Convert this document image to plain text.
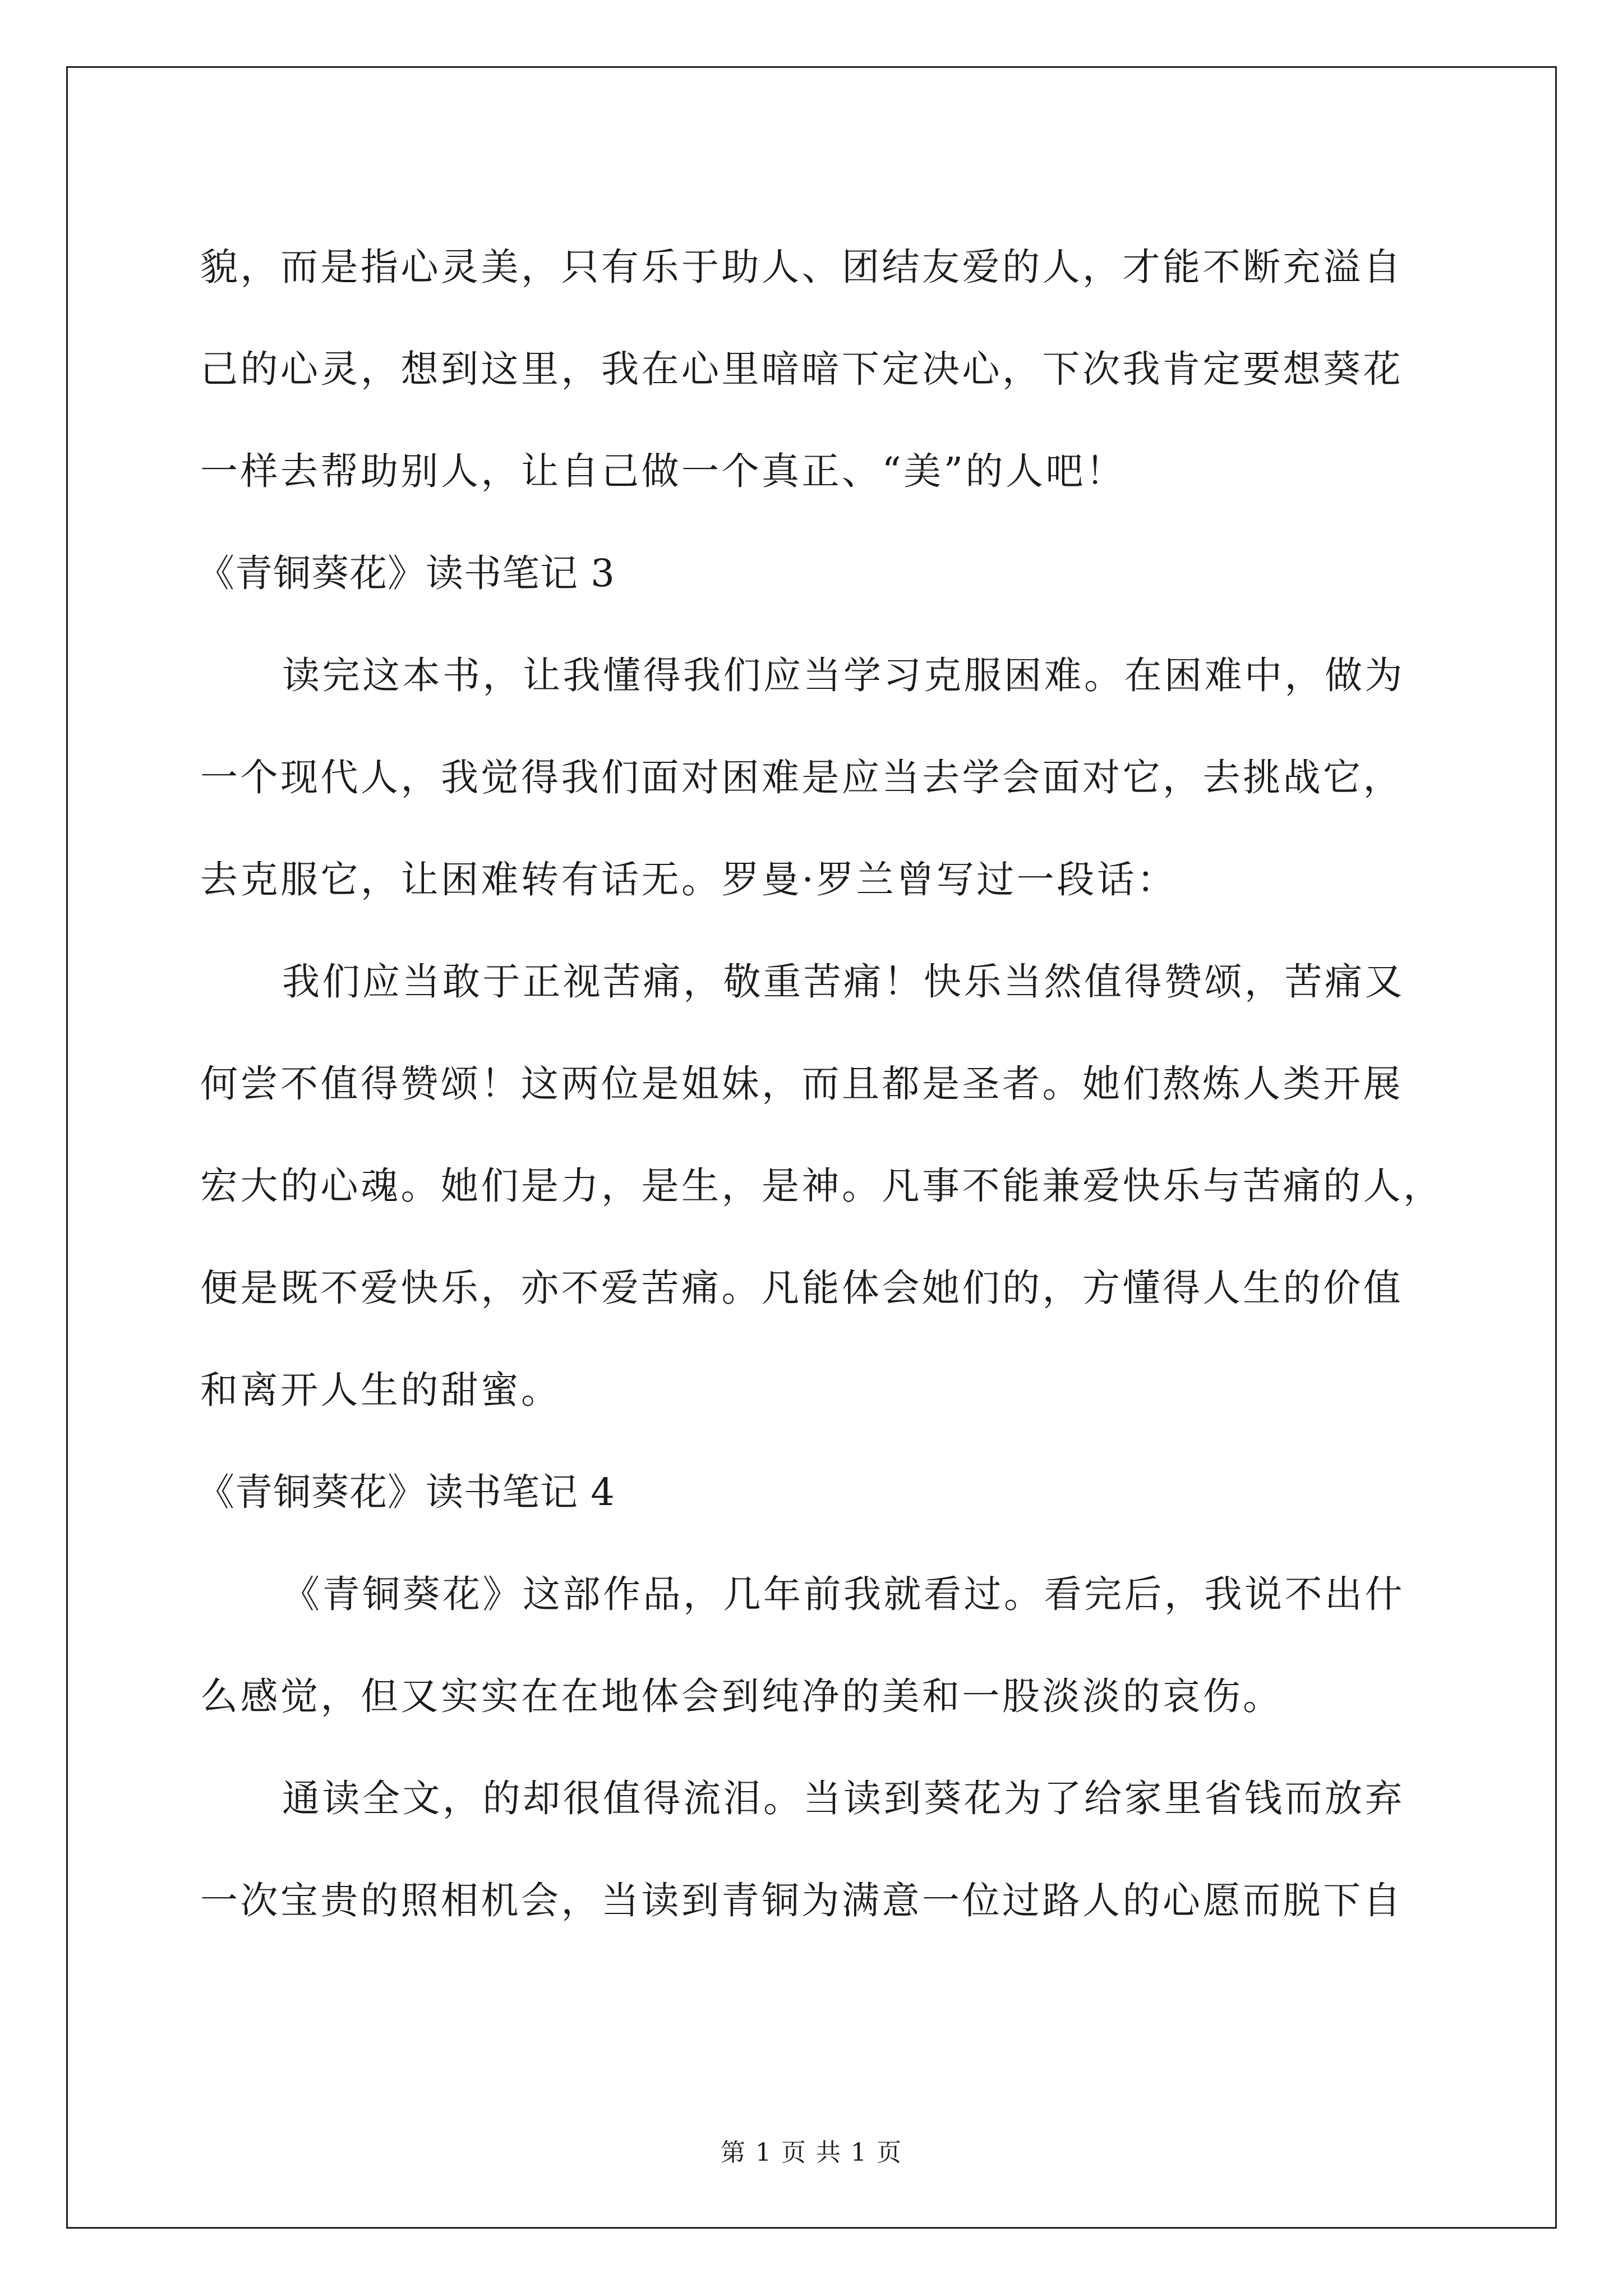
貌，而是指心灵美，只有乐于助人、团结友爱的人，才能不断充溢自
己的心灵，想到这里，我在心里暗暗下定决心，下次我肯定要想葵花
一样去帮助别人，让自己做一个真正、“美”的人吧！
《青铜葵花》读书笔记 3
读完这本书，让我懂得我们应当学习克服困难。在困难中，做为
一个现代人，我觉得我们面对困难是应当去学会面对它，去挑战它，
去克服它，让困难转有话无。罗曼·罗兰曾写过一段话：
我们应当敢于正视苦痛，敬重苦痛！快乐当然值得赞颂，苦痛又
何尝不值得赞颂！这两位是姐妹，而且都是圣者。她们熬炼人类开展
宏大的心魂。她们是力，是生，是神。凡事不能兼爱快乐与苦痛的人，
便是既不爱快乐，亦不爱苦痛。凡能体会她们的，方懂得人生的价值
和离开人生的甜蜜。
《青铜葵花》读书笔记 4
《青铜葵花》这部作品，几年前我就看过。看完后，我说不出什
么感觉，但又实实在在地体会到纯净的美和一股淡淡的哀伤。
通读全文，的却很值得流泪。当读到葵花为了给家里省钱而放弃
一次宝贵的照相机会，当读到青铜为满意一位过路人的心愿而脱下自
第 1 页 共 1 页
